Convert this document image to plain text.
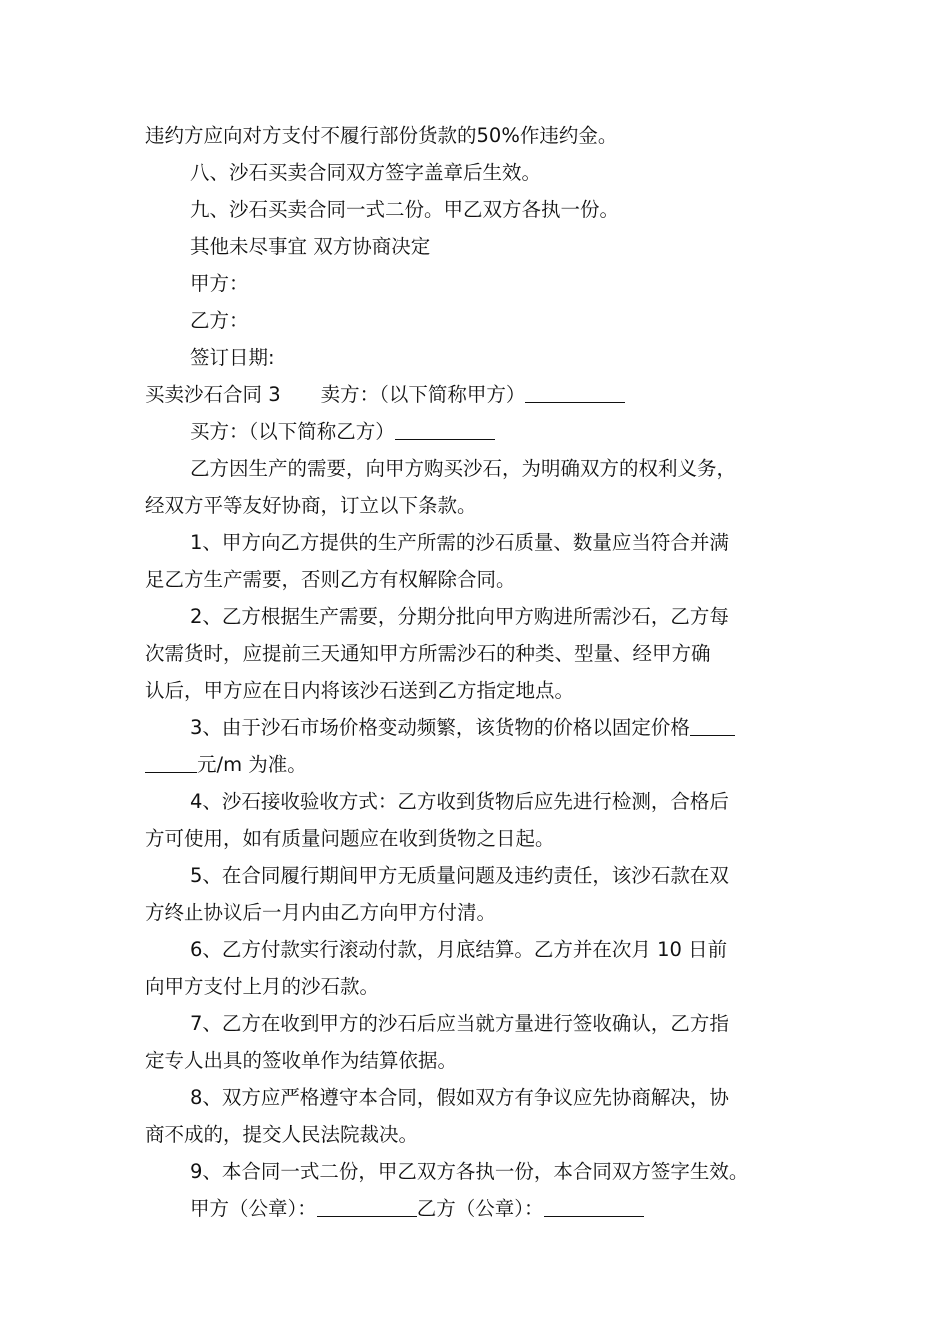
违约方应向对方支付不履行部份货款的50%作违约金。
八、沙石买卖合同双方签字盖章后生效。
九、沙石买卖合同一式二份。甲乙双方各执一份。
其他未尽事宜 双方协商决定
甲方：
乙方：
签订日期:
买卖沙石合同 3 卖方：（以下简称甲方）
买方：（以下简称乙方）
乙方因生产的需要，向甲方购买沙石，为明确双方的权利义务，
经双方平等友好协商，订立以下条款。
1、甲方向乙方提供的生产所需的沙石质量、数量应当符合并满
足乙方生产需要，否则乙方有权解除合同。
2、乙方根据生产需要，分期分批向甲方购进所需沙石，乙方每
次需货时，应提前三天通知甲方所需沙石的种类、型量、经甲方确
认后，甲方应在日内将该沙石送到乙方指定地点。
3、由于沙石市场价格变动频繁，该货物的价格以固定价格
元/m 为准。
4、沙石接收验收方式：乙方收到货物后应先进行检测，合格后
方可使用，如有质量问题应在收到货物之日起。
5、在合同履行期间甲方无质量问题及违约责任，该沙石款在双
方终止协议后一月内由乙方向甲方付清。
6、乙方付款实行滚动付款，月底结算。乙方并在次月 10 日前
向甲方支付上月的沙石款。
7、乙方在收到甲方的沙石后应当就方量进行签收确认，乙方指
定专人出具的签收单作为结算依据。
8、双方应严格遵守本合同，假如双方有争议应先协商解决，协
商不成的，提交人民法院裁决。
9、本合同一式二份，甲乙双方各执一份，本合同双方签字生效。
甲方（公章）：	乙方（公章）：
